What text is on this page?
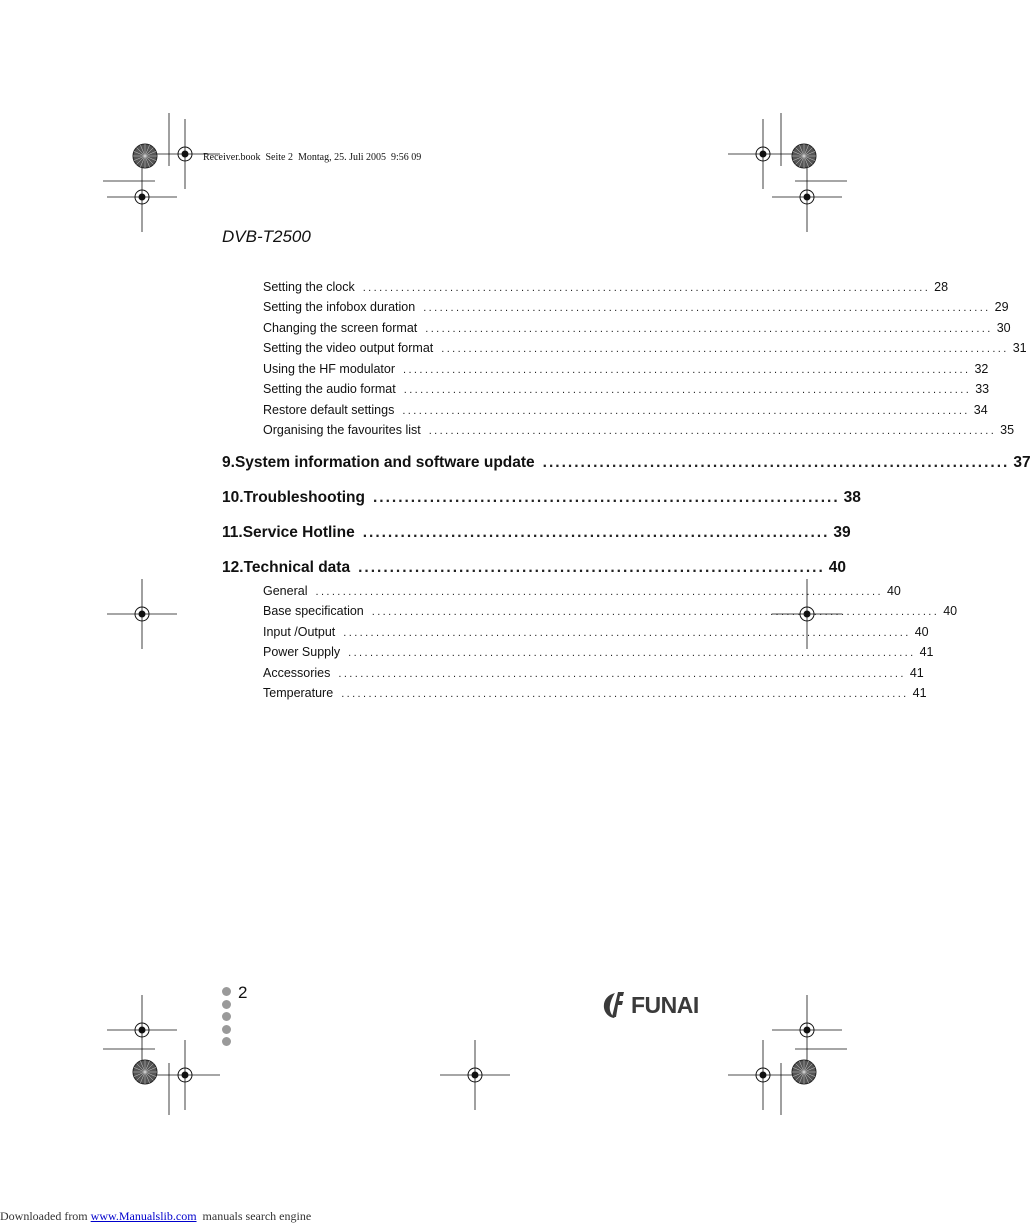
Receiver.book  Seite 2  Montag, 25. Juli 2005  9:56 09
DVB-T2500
Setting the clock ........................................................................................................ 28
Setting the infobox duration ........................................................................................................ 29
Changing the screen format ........................................................................................................ 30
Setting the video output format ........................................................................................................ 31
Using the HF modulator ........................................................................................................ 32
Setting the audio format ........................................................................................................ 33
Restore default settings ........................................................................................................ 34
Organising the favourites list ........................................................................................................ 35
9. System information and software update .......................................................................... 37
10. Troubleshooting .......................................................................... 38
11. Service Hotline .......................................................................... 39
12. Technical data .......................................................................... 40
General ........................................................................................................ 40
Base specification ........................................................................................................ 40
Input /Output ........................................................................................................ 40
Power Supply ........................................................................................................ 41
Accessories ........................................................................................................ 41
Temperature ........................................................................................................ 41
2	FUNAI
Downloaded from www.Manualslib.com  manuals search engine
